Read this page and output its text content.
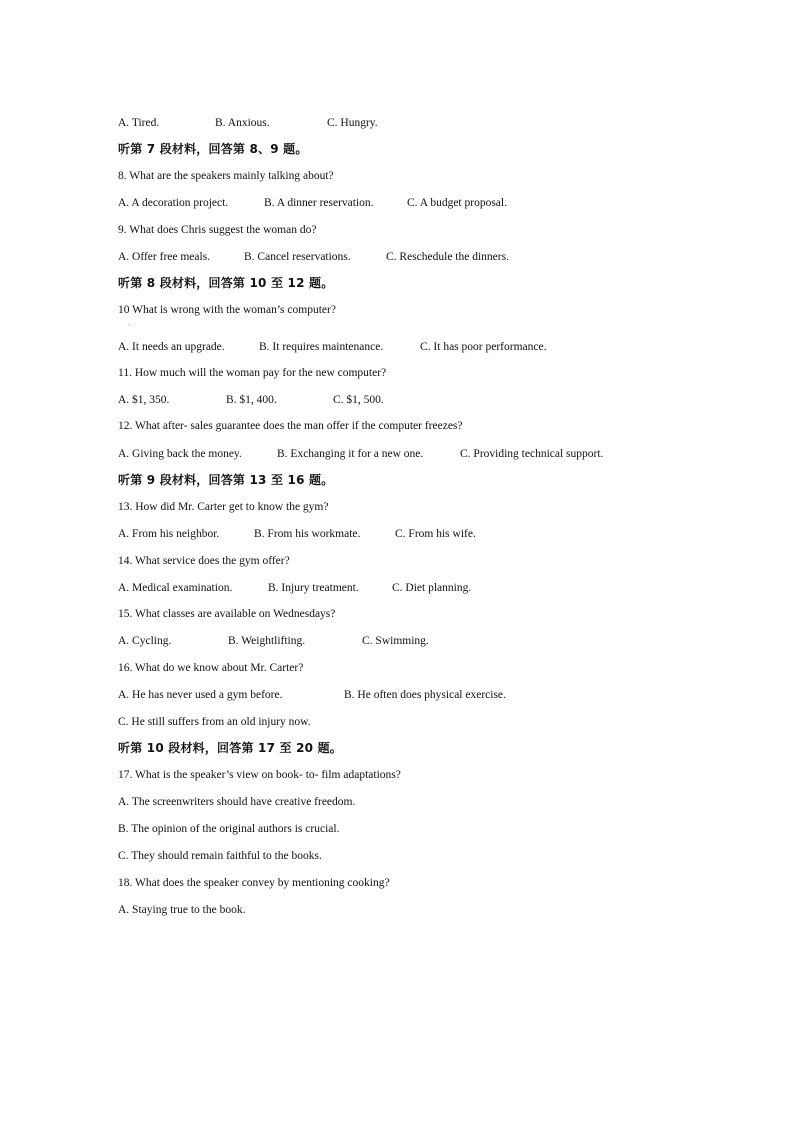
A. Tired.	B. Anxious.	C. Hungry.
听第 7 段材料，回答第 8、9 题。
8. What are the speakers mainly talking about?
A. A decoration project.	B. A dinner reservation.	C. A budget proposal.
9. What does Chris suggest the woman do?
A. Offer free meals.	B. Cancel reservations.	C. Reschedule the dinners.
听第 8 段材料，回答第 10 至 12 题。
10 What is wrong with the woman’s computer?
.
A. It needs an upgrade.	B. It requires maintenance.	C. It has poor performance.
11. How much will the woman pay for the new computer?
A. $1, 350.	B. $1, 400.	C. $1, 500.
12. What after- sales guarantee does the man offer if the computer freezes?
A. Giving back the money.	B. Exchanging it for a new one.	C. Providing technical support.
听第 9 段材料，回答第 13 至 16 题。
13. How did Mr. Carter get to know the gym?
A. From his neighbor.	B. From his workmate.	C. From his wife.
14. What service does the gym offer?
A. Medical examination.	B. Injury treatment.	C. Diet planning.
15. What classes are available on Wednesdays?
A. Cycling.	B. Weightlifting.	C. Swimming.
16. What do we know about Mr. Carter?
A. He has never used a gym before.	B. He often does physical exercise.
C. He still suffers from an old injury now.
听第 10 段材料，回答第 17 至 20 题。
17. What is the speaker’s view on book- to- film adaptations?
A. The screenwriters should have creative freedom.
B. The opinion of the original authors is crucial.
C. They should remain faithful to the books.
18. What does the speaker convey by mentioning cooking?
A. Staying true to the book.
